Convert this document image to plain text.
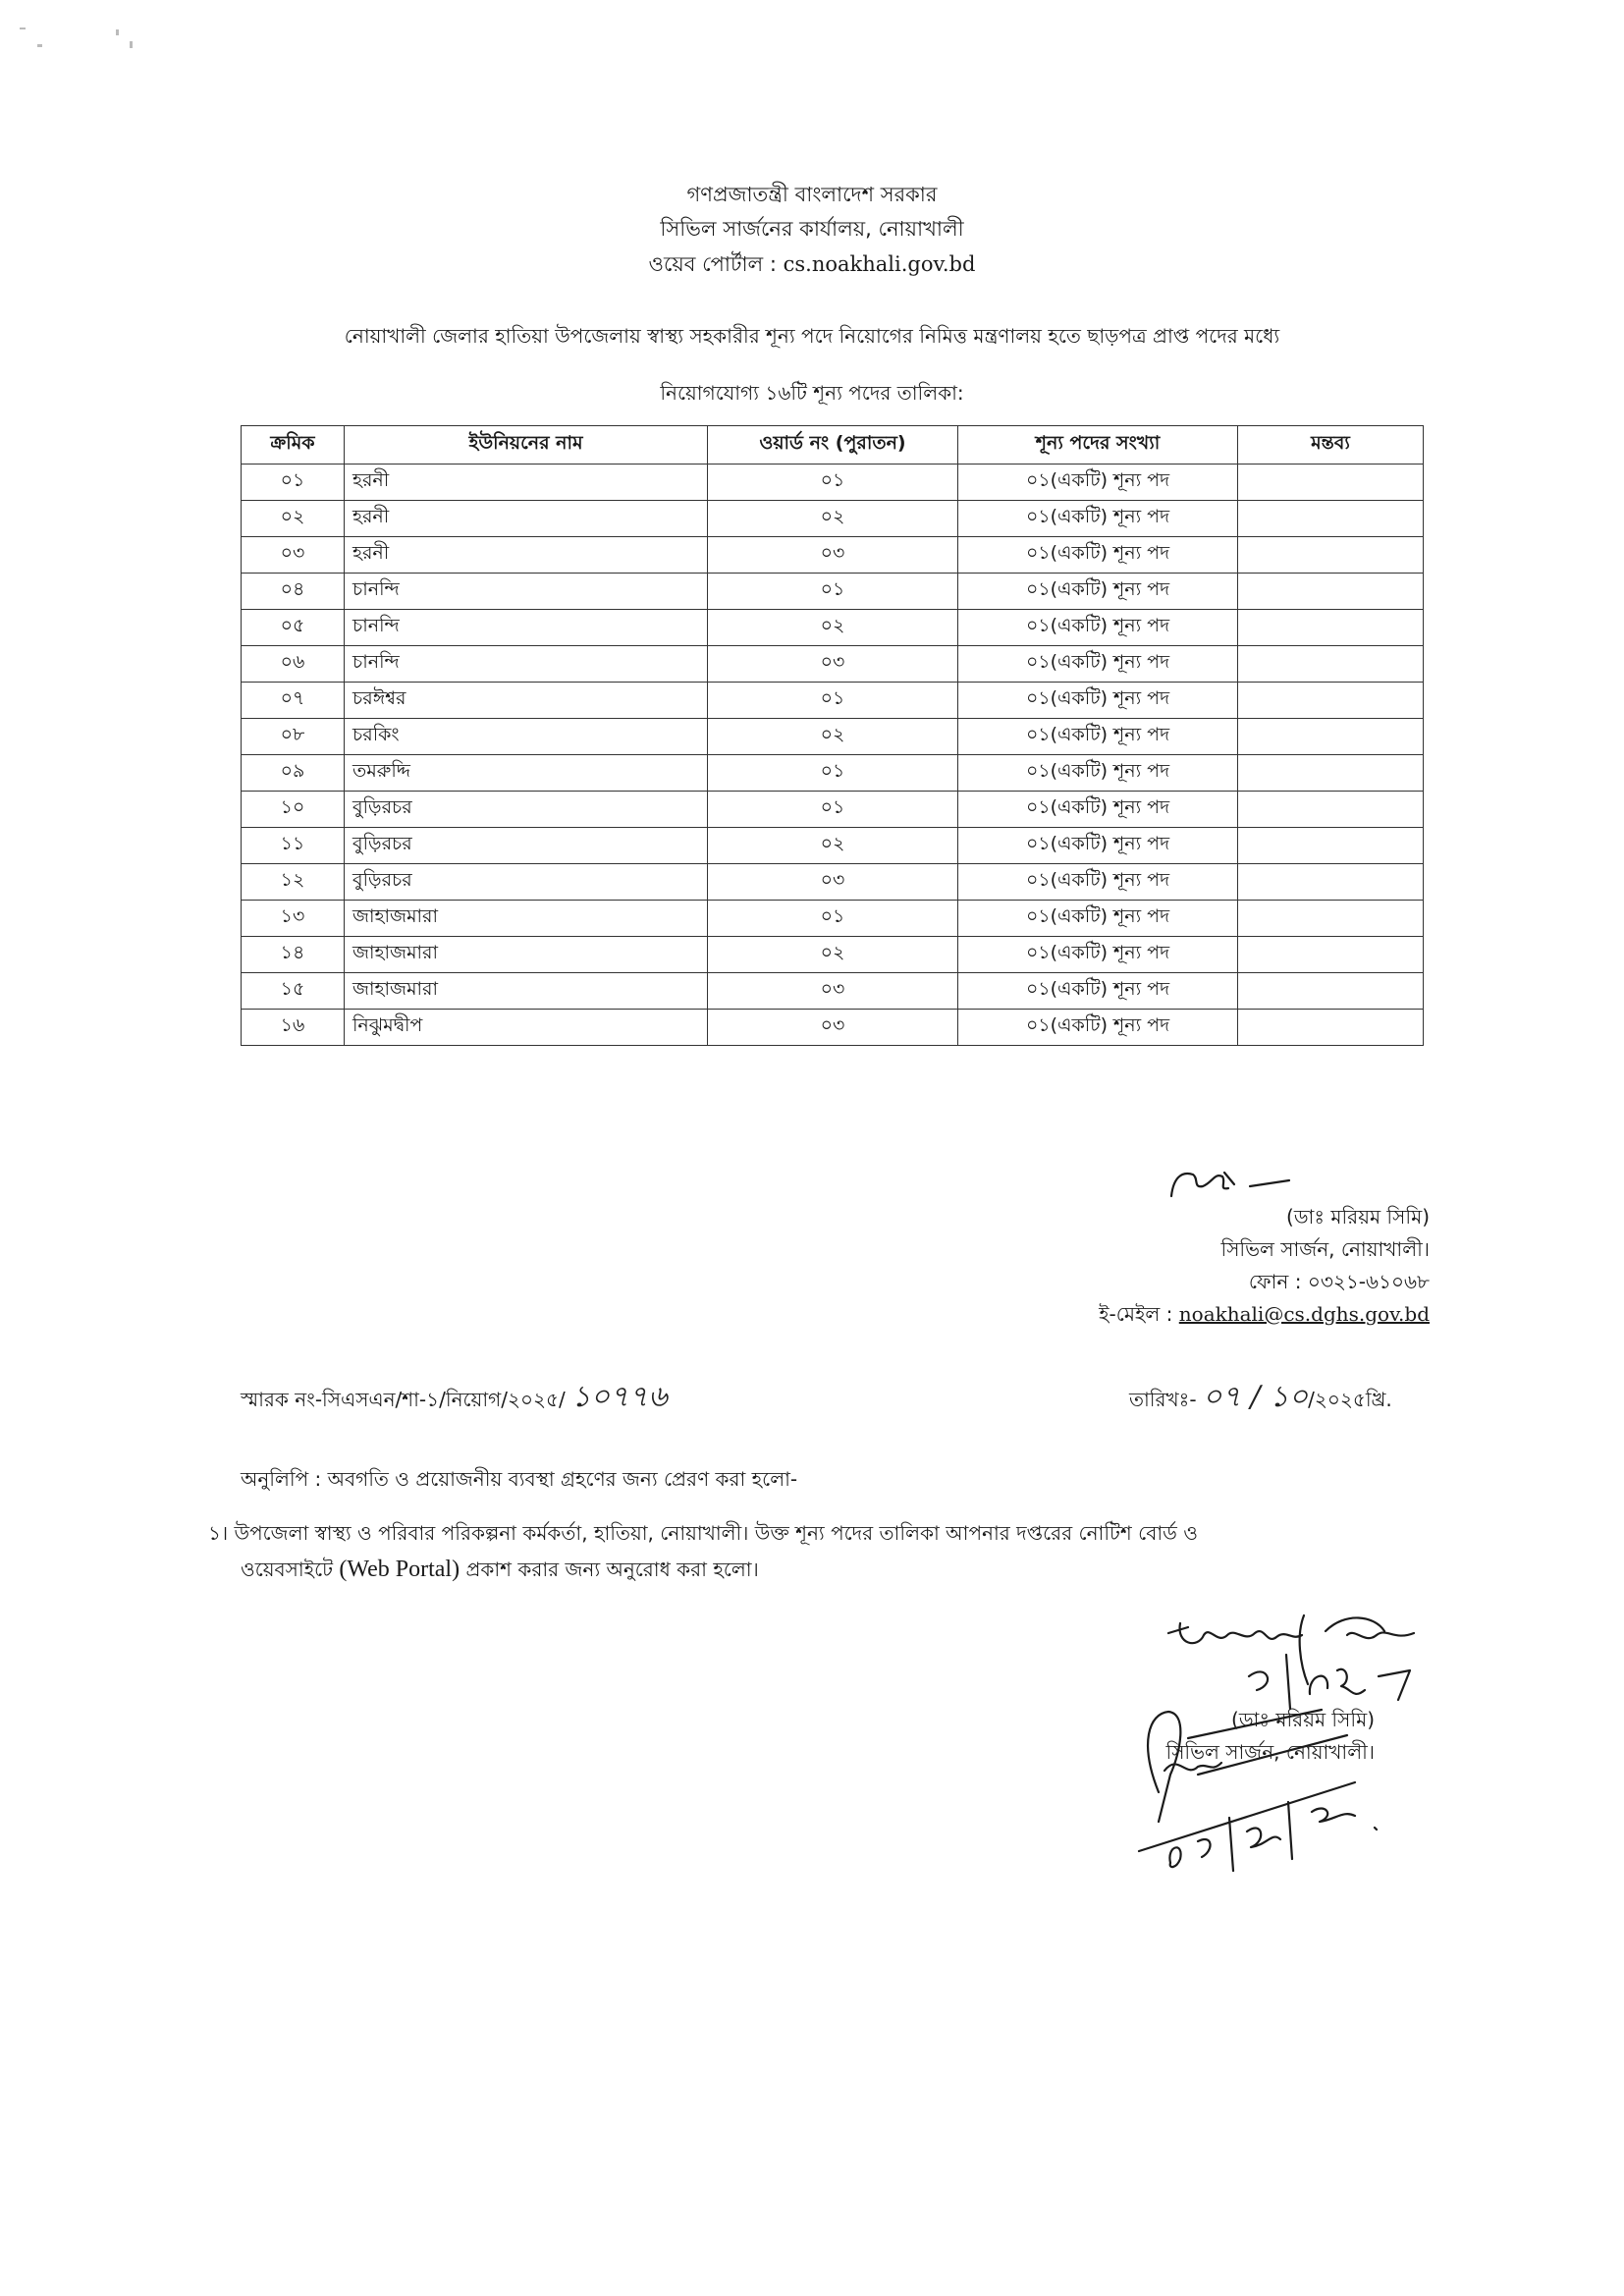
গণপ্রজাতন্ত্রী বাংলাদেশ সরকার
সিভিল সার্জনের কার্যালয়, নোয়াখালী
ওয়েব পোর্টাল : cs.noakhali.gov.bd
নোয়াখালী জেলার হাতিয়া উপজেলায় স্বাস্থ্য সহকারীর শূন্য পদে নিয়োগের নিমিত্ত মন্ত্রণালয় হতে ছাড়পত্র প্রাপ্ত পদের মধ্যে
নিয়োগযোগ্য ১৬টি শূন্য পদের তালিকা:
ক্রমিক	ইউনিয়নের নাম	ওয়ার্ড নং (পুরাতন)	শূন্য পদের সংখ্যা	মন্তব্য
০১	হরনী	০১	০১(একটি) শূন্য পদ	
০২	হরনী	০২	০১(একটি) শূন্য পদ	
০৩	হরনী	০৩	০১(একটি) শূন্য পদ	
০৪	চানন্দি	০১	০১(একটি) শূন্য পদ	
০৫	চানন্দি	০২	০১(একটি) শূন্য পদ	
০৬	চানন্দি	০৩	০১(একটি) শূন্য পদ	
০৭	চরঈশ্বর	০১	০১(একটি) শূন্য পদ	
০৮	চরকিং	০২	০১(একটি) শূন্য পদ	
০৯	তমরুদ্দি	০১	০১(একটি) শূন্য পদ	
১০	বুড়িরচর	০১	০১(একটি) শূন্য পদ	
১১	বুড়িরচর	০২	০১(একটি) শূন্য পদ	
১২	বুড়িরচর	০৩	০১(একটি) শূন্য পদ	
১৩	জাহাজমারা	০১	০১(একটি) শূন্য পদ	
১৪	জাহাজমারা	০২	০১(একটি) শূন্য পদ	
১৫	জাহাজমারা	০৩	০১(একটি) শূন্য পদ	
১৬	নিঝুমদ্বীপ	০৩	০১(একটি) শূন্য পদ	
(ডাঃ মরিয়ম সিমি)
সিভিল সার্জন, নোয়াখালী।
ফোন : ০৩২১-৬১০৬৮
ই-মেইল : noakhali@cs.dghs.gov.bd
স্মারক নং-সিএসএন/শা-১/নিয়োগ/২০২৫/ ১০৭৭৬	তারিখঃ- ০৭ / ১০/২০২৫খ্রি.
অনুলিপি : অবগতি ও প্রয়োজনীয় ব্যবস্থা গ্রহণের জন্য প্রেরণ করা হলো-
১। উপজেলা স্বাস্থ্য ও পরিবার পরিকল্পনা কর্মকর্তা, হাতিয়া, নোয়াখালী। উক্ত শূন্য পদের তালিকা আপনার দপ্তরের নোটিশ বোর্ড ও
ওয়েবসাইটে (Web Portal) প্রকাশ করার জন্য অনুরোধ করা হলো।
(ডাঃ মরিয়ম সিমি)
সিভিল সার্জন, নোয়াখালী।
